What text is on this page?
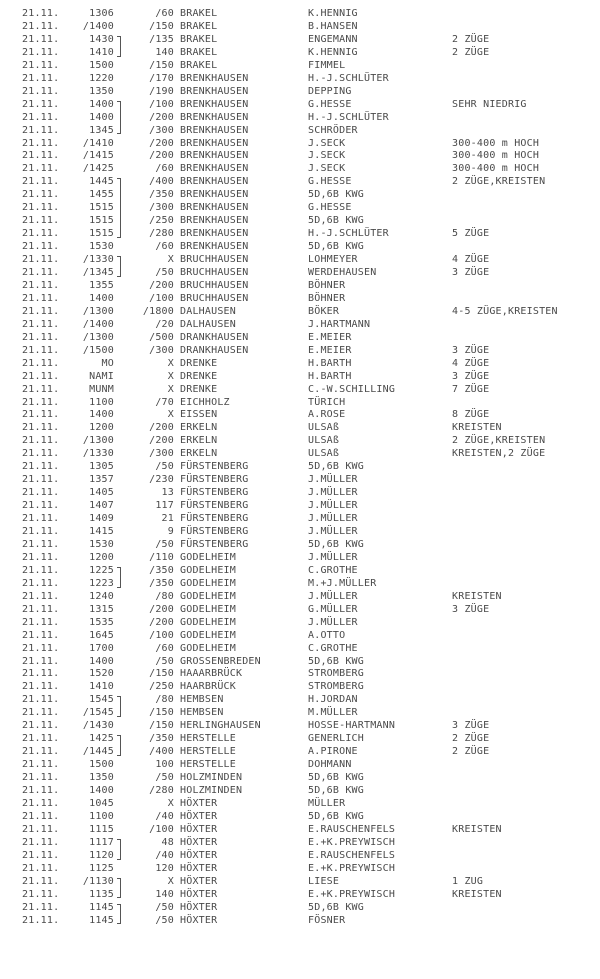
21.11.	1306	/60 BRAKEL	K.HENNIG
21.11.	/1400	/150 BRAKEL	B.HANSEN
21.11.	1430	/135 BRAKEL	ENGEMANN	2 ZÜGE
21.11.	1410	140 BRAKEL	K.HENNIG	2 ZÜGE
21.11.	1500	/150 BRAKEL	FIMMEL
21.11.	1220	/170 BRENKHAUSEN	H.-J.SCHLÜTER
21.11.	1350	/190 BRENKHAUSEN	DEPPING
21.11.	1400	/100 BRENKHAUSEN	G.HESSE	SEHR NIEDRIG
21.11.	1400	/200 BRENKHAUSEN	H.-J.SCHLÜTER
21.11.	1345	/300 BRENKHAUSEN	SCHRÖDER
21.11.	/1410	/200 BRENKHAUSEN	J.SECK	300-400 m HOCH
21.11.	/1415	/200 BRENKHAUSEN	J.SECK	300-400 m HOCH
21.11.	/1425	/60 BRENKHAUSEN	J.SECK	300-400 m HOCH
21.11.	1445	/400 BRENKHAUSEN	G.HESSE	2 ZÜGE,KREISTEN
21.11.	1455	/350 BRENKHAUSEN	5D,6B KWG
21.11.	1515	/300 BRENKHAUSEN	G.HESSE
21.11.	1515	/250 BRENKHAUSEN	5D,6B KWG
21.11.	1515	/280 BRENKHAUSEN	H.-J.SCHLÜTER	5 ZÜGE
21.11.	1530	/60 BRENKHAUSEN	5D,6B KWG
21.11.	/1330	X BRUCHHAUSEN	LOHMEYER	4 ZÜGE
21.11.	/1345	/50 BRUCHHAUSEN	WERDEHAUSEN	3 ZÜGE
21.11.	1355	/200 BRUCHHAUSEN	BÖHNER
21.11.	1400	/100 BRUCHHAUSEN	BÖHNER
21.11.	/1300	/1800 DALHAUSEN	BÖKER	4-5 ZÜGE,KREISTEN
21.11.	/1400	/20 DALHAUSEN	J.HARTMANN
21.11.	/1300	/500 DRANKHAUSEN	E.MEIER
21.11.	/1500	/300 DRANKHAUSEN	E.MEIER	3 ZÜGE
21.11.	MO	X DRENKE	H.BARTH	4 ZÜGE
21.11.	NAMI	X DRENKE	H.BARTH	3 ZÜGE
21.11.	MUNM	X DRENKE	C.-W.SCHILLING	7 ZÜGE
21.11.	1100	/70 EICHHOLZ	TÜRICH
21.11.	1400	X EISSEN	A.ROSE	8 ZÜGE
21.11.	1200	/200 ERKELN	ULSAß	KREISTEN
21.11.	/1300	/200 ERKELN	ULSAß	2 ZÜGE,KREISTEN
21.11.	/1330	/300 ERKELN	ULSAß	KREISTEN,2 ZÜGE
21.11.	1305	/50 FÜRSTENBERG	5D,6B KWG
21.11.	1357	/230 FÜRSTENBERG	J.MÜLLER
21.11.	1405	13 FÜRSTENBERG	J.MÜLLER
21.11.	1407	117 FÜRSTENBERG	J.MÜLLER
21.11.	1409	21 FÜRSTENBERG	J.MÜLLER
21.11.	1415	9 FÜRSTENBERG	J.MÜLLER
21.11.	1530	/50 FÜRSTENBERG	5D,6B KWG
21.11.	1200	/110 GODELHEIM	J.MÜLLER
21.11.	1225	/350 GODELHEIM	C.GROTHE
21.11.	1223	/350 GODELHEIM	M.+J.MÜLLER
21.11.	1240	/80 GODELHEIM	J.MÜLLER	KREISTEN
21.11.	1315	/200 GODELHEIM	G.MÜLLER	3 ZÜGE
21.11.	1535	/200 GODELHEIM	J.MÜLLER
21.11.	1645	/100 GODELHEIM	A.OTTO
21.11.	1700	/60 GODELHEIM	C.GROTHE
21.11.	1400	/50 GROSSENBREDEN	5D,6B KWG
21.11.	1520	/150 HAAARBRÜCK	STROMBERG
21.11.	1410	/250 HAARBRÜCK	STROMBERG
21.11.	1545	/80 HEMBSEN	H.JORDAN
21.11.	/1545	/150 HEMBSEN	M.MÜLLER
21.11.	/1430	/150 HERLINGHAUSEN	HOSSE-HARTMANN	3 ZÜGE
21.11.	1425	/350 HERSTELLE	GENERLICH	2 ZÜGE
21.11.	/1445	/400 HERSTELLE	A.PIRONE	2 ZÜGE
21.11.	1500	100 HERSTELLE	DOHMANN
21.11.	1350	/50 HOLZMINDEN	5D,6B KWG
21.11.	1400	/280 HOLZMINDEN	5D,6B KWG
21.11.	1045	X HÖXTER	MÜLLER
21.11.	1100	/40 HÖXTER	5D,6B KWG
21.11.	1115	/100 HÖXTER	E.RAUSCHENFELS	KREISTEN
21.11.	1117	48 HÖXTER	E.+K.PREYWISCH
21.11.	1120	/40 HÖXTER	E.RAUSCHENFELS
21.11.	1125	120 HÖXTER	E.+K.PREYWISCH
21.11.	/1130	X HÖXTER	LIESE	1 ZUG
21.11.	1135	140 HÖXTER	E.+K.PREYWISCH	KREISTEN
21.11.	1145	/50 HÖXTER	5D,6B KWG
21.11.	1145	/50 HÖXTER	FÖSNER
